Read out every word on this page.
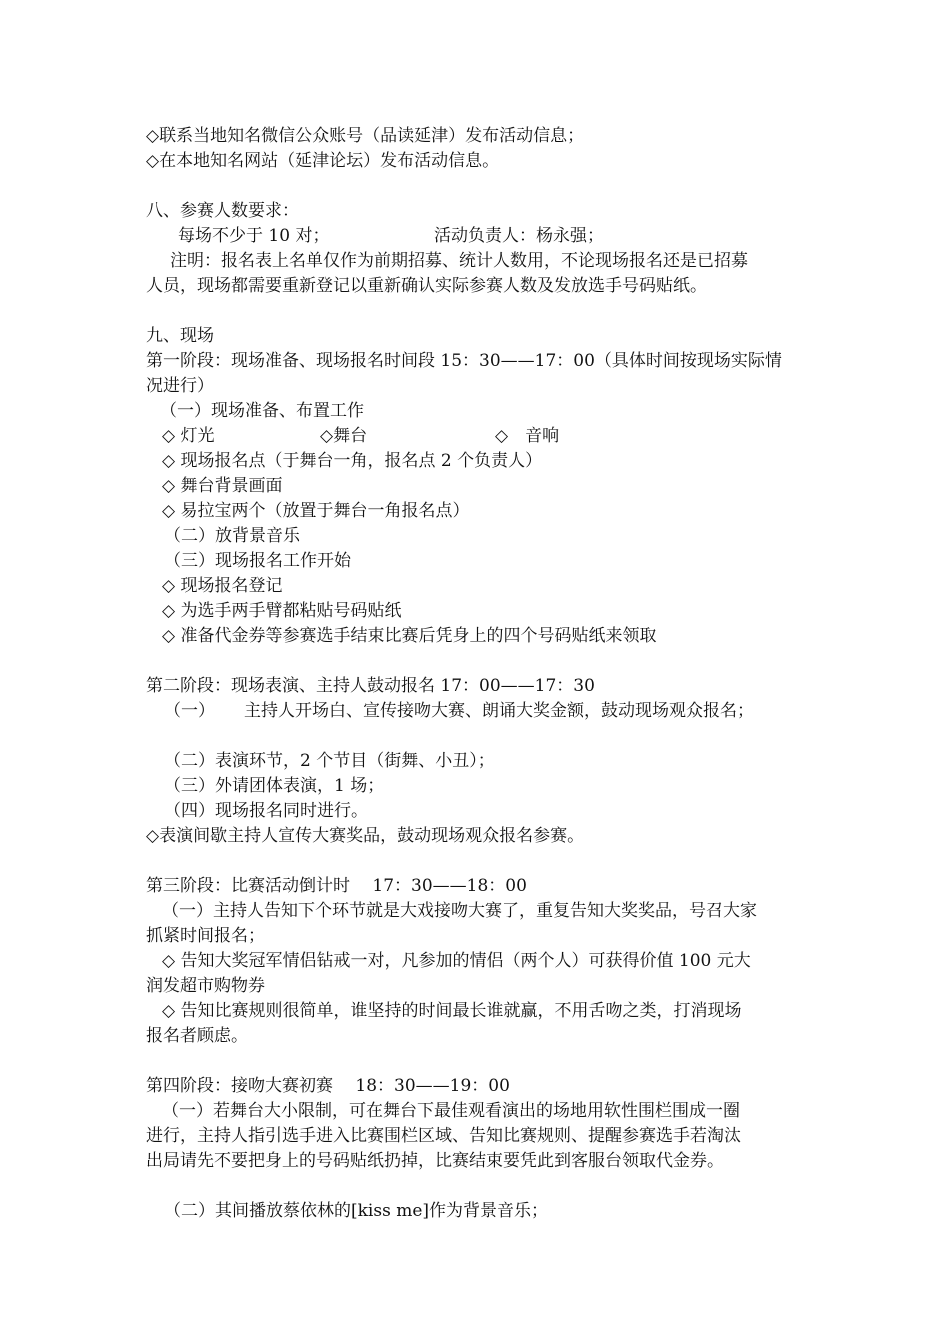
◇联系当地知名微信公众账号（品读延津）发布活动信息；
◇在本地知名网站（延津论坛）发布活动信息。
八、参赛人数要求：
每场不少于 10 对；	活动负责人：杨永强；
注明：报名表上名单仅作为前期招募、统计人数用，不论现场报名还是已招募
人员，现场都需要重新登记以重新确认实际参赛人数及发放选手号码贴纸。
九、现场
第一阶段：现场准备、现场报名时间段 15：30——17：00（具体时间按现场实际情
况进行）
（一）现场准备、布置工作
◇ 灯光	◇舞台	◇　音响
◇ 现场报名点（于舞台一角，报名点 2 个负责人）
◇ 舞台背景画面
◇ 易拉宝两个（放置于舞台一角报名点）
（二）放背景音乐
（三）现场报名工作开始
◇ 现场报名登记
◇ 为选手两手臂都粘贴号码贴纸
◇ 准备代金券等参赛选手结束比赛后凭身上的四个号码贴纸来领取
第二阶段：现场表演、主持人鼓动报名 17：00——17：30
（一） 主持人开场白、宣传接吻大赛、朗诵大奖金额，鼓动现场观众报名；
（二）表演环节，2 个节目（街舞、小丑）；
（三）外请团体表演，1 场；
（四）现场报名同时进行。
◇表演间歇主持人宣传大赛奖品，鼓动现场观众报名参赛。
第三阶段：比赛活动倒计时　 17：30——18：00
（一）主持人告知下个环节就是大戏接吻大赛了，重复告知大奖奖品，号召大家
抓紧时间报名；
◇ 告知大奖冠军情侣钻戒一对，凡参加的情侣（两个人）可获得价值 100 元大
润发超市购物券
◇ 告知比赛规则很简单，谁坚持的时间最长谁就赢，不用舌吻之类，打消现场
报名者顾虑。
第四阶段：接吻大赛初赛　 18：30——19：00
（一）若舞台大小限制，可在舞台下最佳观看演出的场地用软性围栏围成一圈
进行，主持人指引选手进入比赛围栏区域、告知比赛规则、提醒参赛选手若淘汰
出局请先不要把身上的号码贴纸扔掉，比赛结束要凭此到客服台领取代金券。
（二）其间播放蔡依林的[kiss me]作为背景音乐；
